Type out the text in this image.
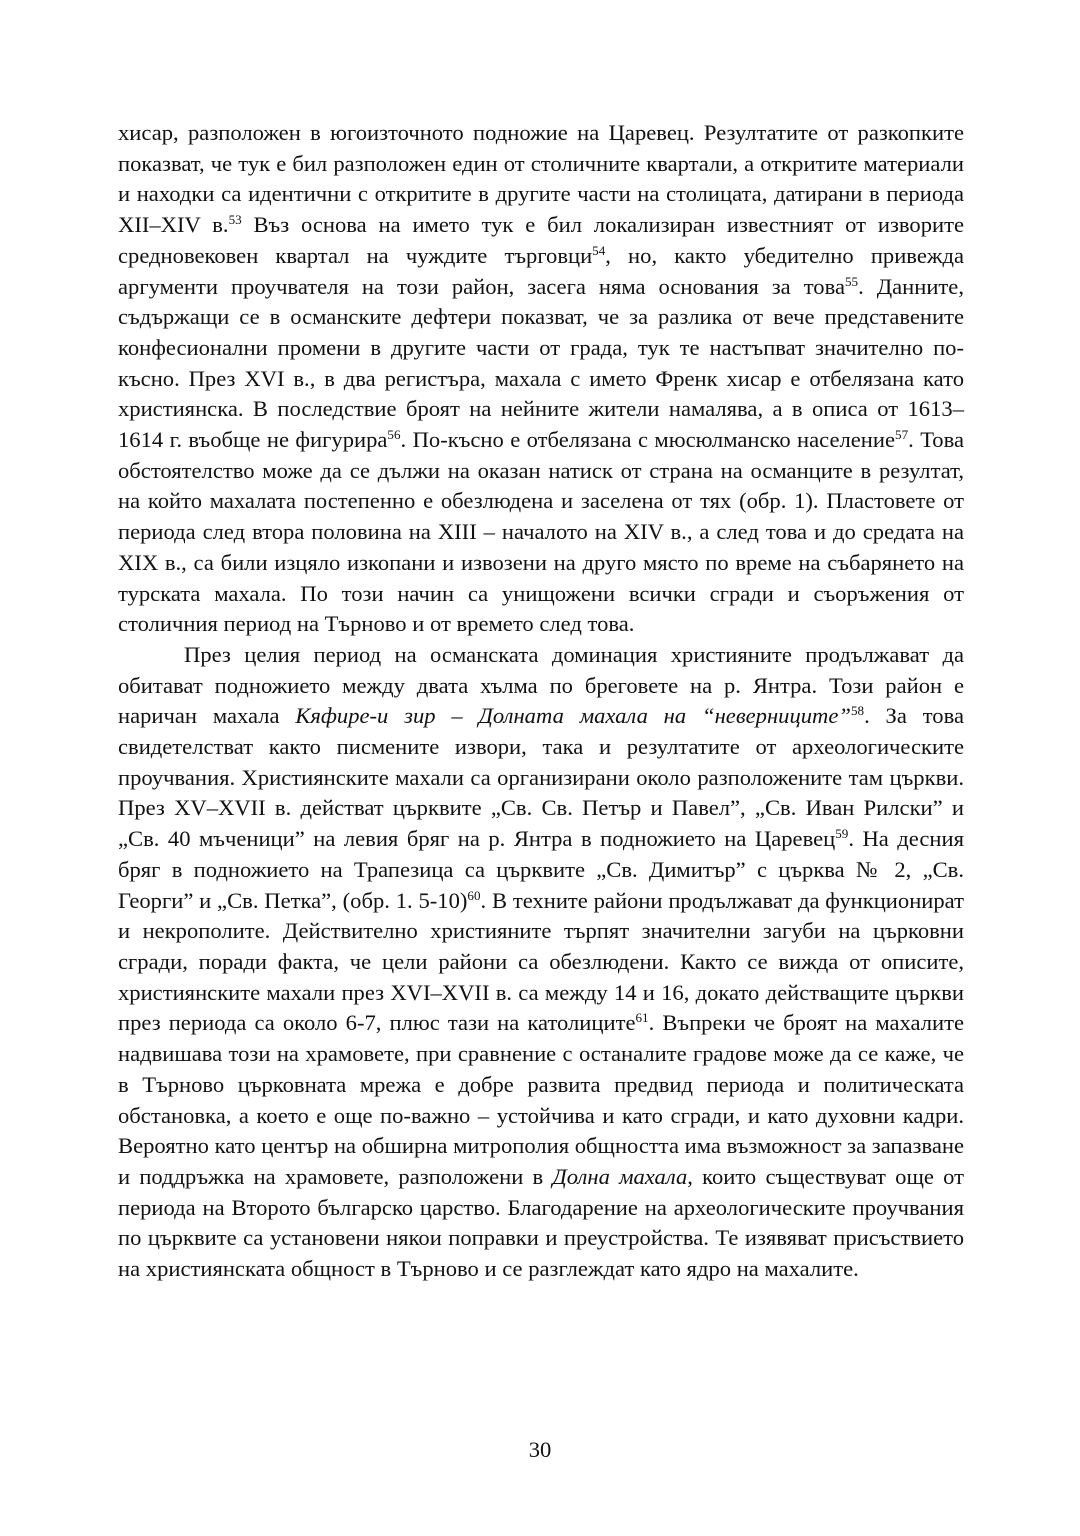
хисар, разположен в югоизточното подножие на Царевец. Резултатите от разкопките показват, че тук е бил разположен един от столичните квартали, а откритите материали и находки са идентични с откритите в другите части на столицата, датирани в периода XII–XIV в.$^{53}$ Въз основа на името тук е бил локализиран известният от изворите средновековен квартал на чуждите търговци$^{54}$, но, както убедително привежда аргументи проучвателя на този район, засега няма основания за това$^{55}$. Данните, съдържащи се в османските дефтери показват, че за разлика от вече представените конфесионални промени в другите части от града, тук те настъпват значително по-късно. През XVI в., в два регистъра, махала с името Френк хисар е отбелязана като християнска. В последствие броят на нейните жители намалява, а в описа от 1613–1614 г. въобще не фигурира$^{56}$. По-късно е отбелязана с мюсюлманско население$^{57}$. Това обстоятелство може да се дължи на оказан натиск от страна на османците в резултат, на който махалата постепенно е обезлюдена и заселена от тях (обр. 1). Пластовете от периода след втора половина на XIII – началото на XIV в., а след това и до средата на XIX в., са били изцяло изкопани и извозени на друго място по време на събарянето на турската махала. По този начин са унищожени всички сгради и съоръжения от столичния период на Търново и от времето след това.

През целия период на османската доминация християните продължават да обитават подножието между двата хълма по бреговете на р. Янтра. Този район е наричан махала Кяфире-и зир – Долната махала на “неверниците”$^{58}$. За това свидетелстват както писмените извори, така и резултатите от археологическите проучвания. Християнските махали са организирани около разположените там църкви. През XV–XVII в. действат църквите „Св. Св. Петър и Павел”, „Св. Иван Рилски” и „Св. 40 мъченици” на левия бряг на р. Янтра в подножието на Царевец$^{59}$. На десния бряг в подножието на Трапезица са църквите „Св. Димитър” с църква № 2, „Св. Георги” и „Св. Петка”, (обр. 1. 5-10)$^{60}$. В техните райони продължават да функционират и некрополите. Действително християните търпят значителни загуби на църковни сгради, поради факта, че цели райони са обезлюдени. Както се вижда от описите, християнските махали през XVI–XVII в. са между 14 и 16, докато действащите църкви през периода са около 6-7, плюс тази на католиците$^{61}$. Въпреки че броят на махалите надвишава този на храмовете, при сравнение с останалите градове може да се каже, че в Търново църковната мрежа е добре развита предвид периода и политическата обстановка, а което е още по-важно – устойчива и като сгради, и като духовни кадри. Вероятно като център на обширна митрополия общността има възможност за запазване и поддръжка на храмовете, разположени в Долна махала, които съществуват още от периода на Второто българско царство. Благодарение на археологическите проучвания по църквите са установени някои поправки и преустройства. Те изявяват присъствието на християнската общност в Търново и се разглеждат като ядро на махалите.

30
